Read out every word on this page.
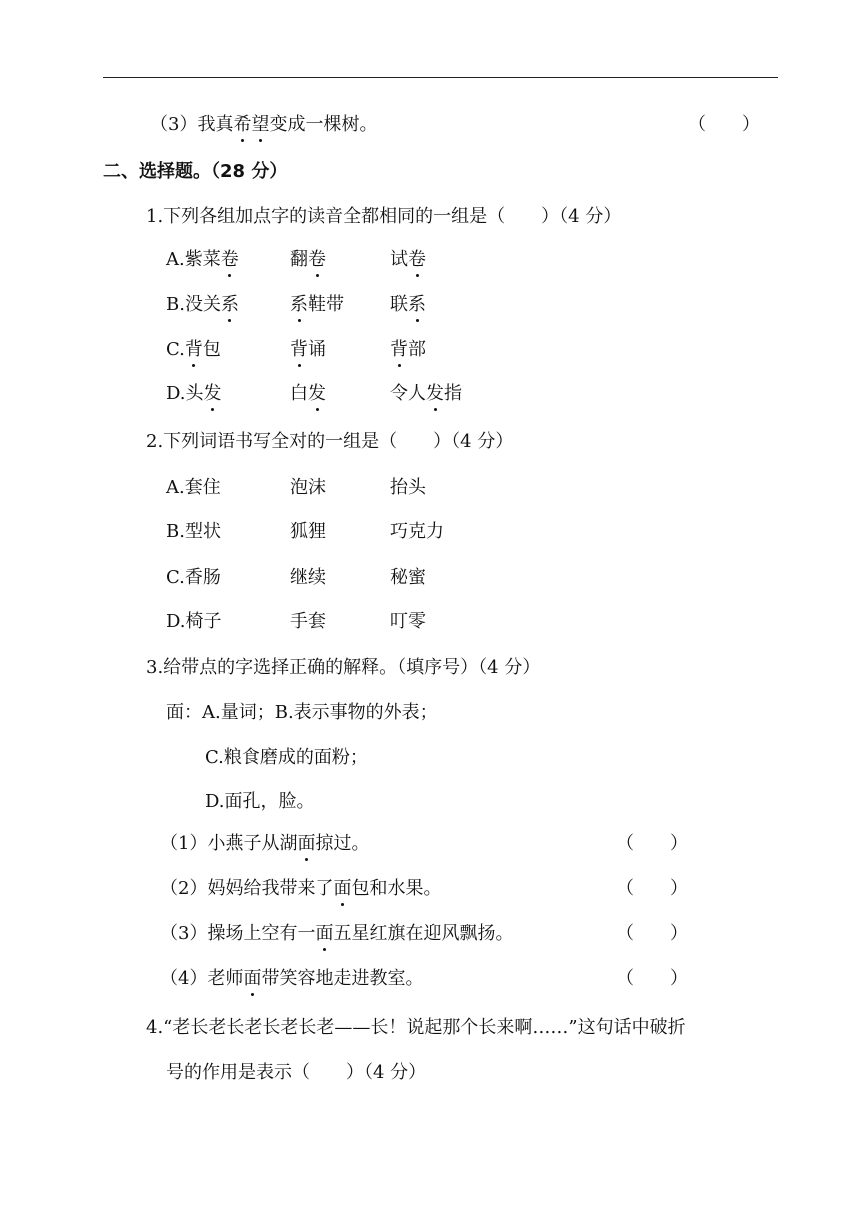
（3）我真希望变成一棵树。	（　　）
二、选择题。（28 分）
1.下列各组加点字的读音全都相同的一组是（　　）（4 分）
A.紫菜卷	翻卷	试卷
B.没关系	系鞋带	联系
C.背包	背诵	背部
D.头发	白发	令人发指
2.下列词语书写全对的一组是（　　）（4 分）
A.套住	泡沫	抬头
B.型状	狐狸	巧克力
C.香肠	继续	秘蜜
D.椅子	手套	叮零
3.给带点的字选择正确的解释。（填序号）（4 分）
面：A.量词；B.表示事物的外表；
C.粮食磨成的面粉；
D.面孔，脸。
（1）小燕子从湖面掠过。	（　　）
（2）妈妈给我带来了面包和水果。	（　　）
（3）操场上空有一面五星红旗在迎风飘扬。	（　　）
（4）老师面带笑容地走进教室。	（　　）
4.“老长老长老长老长老——长！说起那个长来啊……”这句话中破折
号的作用是表示（　　）（4 分）
